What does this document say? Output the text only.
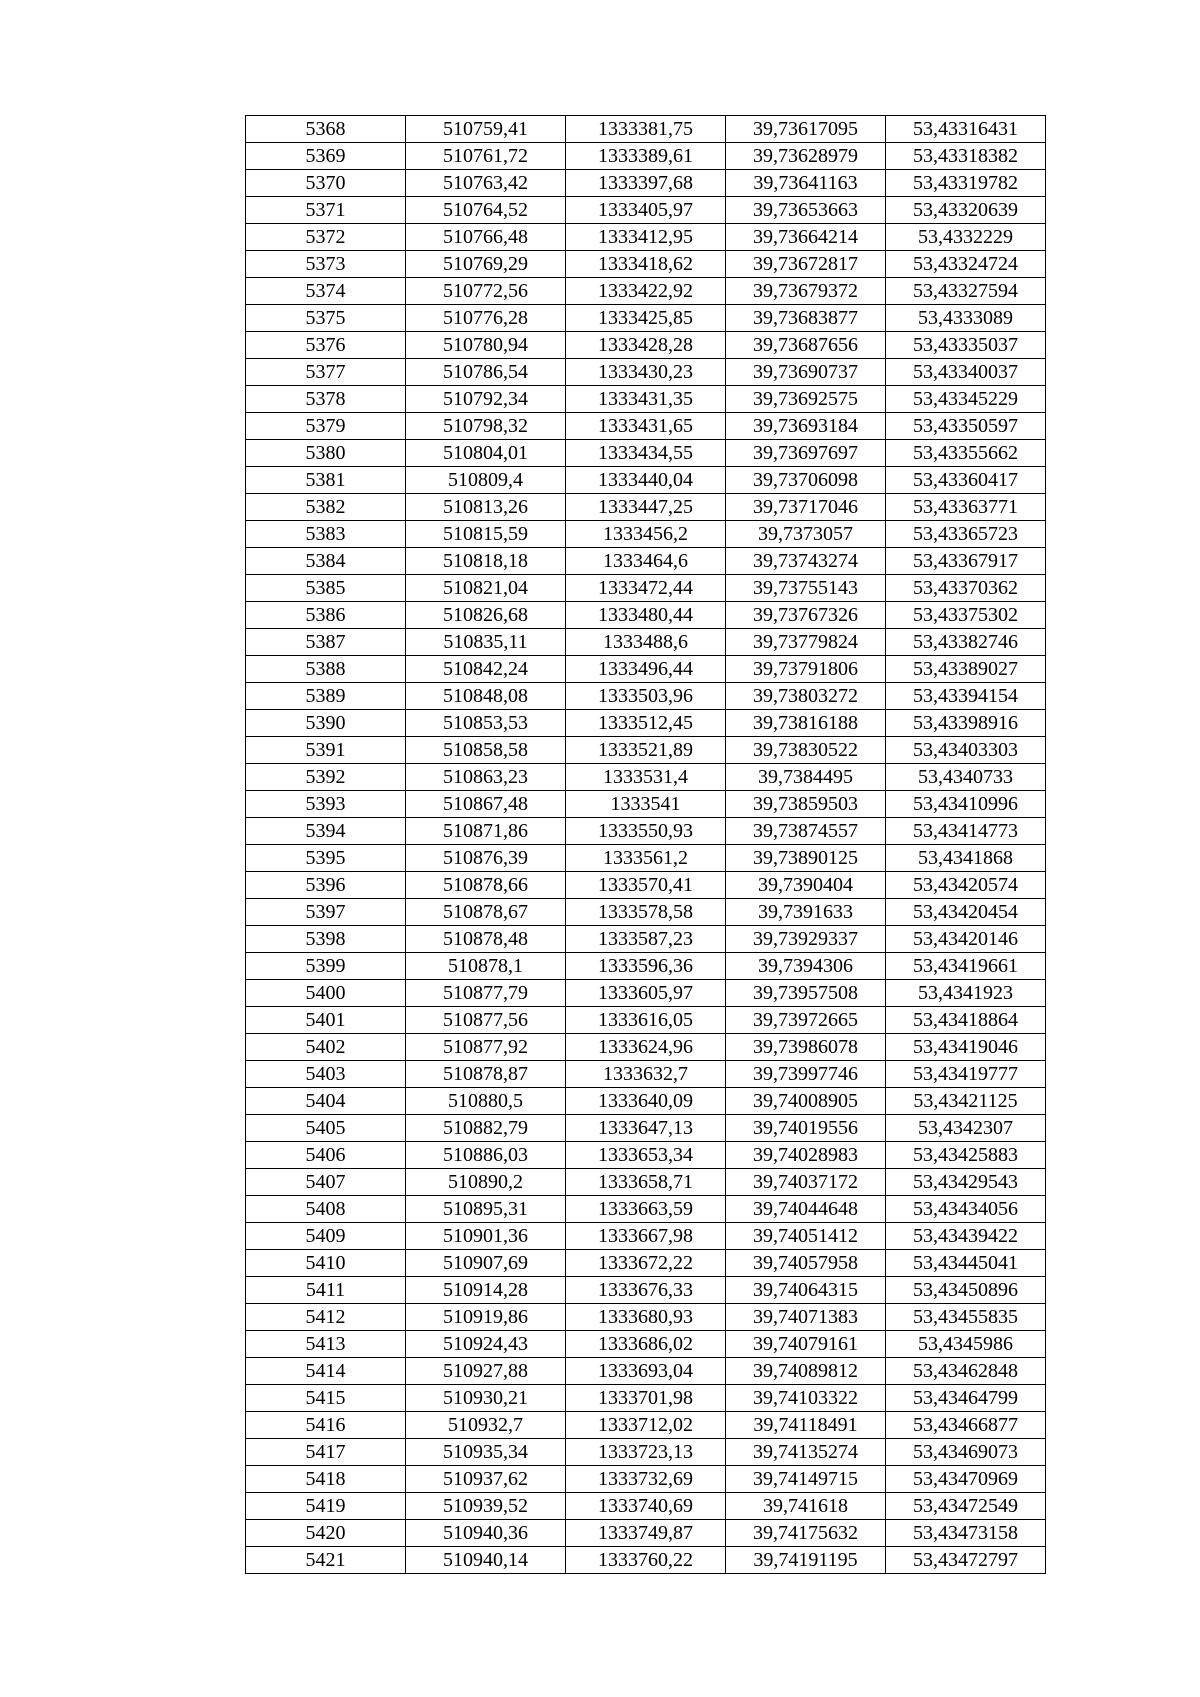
5368	510759,41	1333381,75	39,73617095	53,43316431
5369	510761,72	1333389,61	39,73628979	53,43318382
5370	510763,42	1333397,68	39,73641163	53,43319782
5371	510764,52	1333405,97	39,73653663	53,43320639
5372	510766,48	1333412,95	39,73664214	53,4332229
5373	510769,29	1333418,62	39,73672817	53,43324724
5374	510772,56	1333422,92	39,73679372	53,43327594
5375	510776,28	1333425,85	39,73683877	53,4333089
5376	510780,94	1333428,28	39,73687656	53,43335037
5377	510786,54	1333430,23	39,73690737	53,43340037
5378	510792,34	1333431,35	39,73692575	53,43345229
5379	510798,32	1333431,65	39,73693184	53,43350597
5380	510804,01	1333434,55	39,73697697	53,43355662
5381	510809,4	1333440,04	39,73706098	53,43360417
5382	510813,26	1333447,25	39,73717046	53,43363771
5383	510815,59	1333456,2	39,7373057	53,43365723
5384	510818,18	1333464,6	39,73743274	53,43367917
5385	510821,04	1333472,44	39,73755143	53,43370362
5386	510826,68	1333480,44	39,73767326	53,43375302
5387	510835,11	1333488,6	39,73779824	53,43382746
5388	510842,24	1333496,44	39,73791806	53,43389027
5389	510848,08	1333503,96	39,73803272	53,43394154
5390	510853,53	1333512,45	39,73816188	53,43398916
5391	510858,58	1333521,89	39,73830522	53,43403303
5392	510863,23	1333531,4	39,7384495	53,4340733
5393	510867,48	1333541	39,73859503	53,43410996
5394	510871,86	1333550,93	39,73874557	53,43414773
5395	510876,39	1333561,2	39,73890125	53,4341868
5396	510878,66	1333570,41	39,7390404	53,43420574
5397	510878,67	1333578,58	39,7391633	53,43420454
5398	510878,48	1333587,23	39,73929337	53,43420146
5399	510878,1	1333596,36	39,7394306	53,43419661
5400	510877,79	1333605,97	39,73957508	53,4341923
5401	510877,56	1333616,05	39,73972665	53,43418864
5402	510877,92	1333624,96	39,73986078	53,43419046
5403	510878,87	1333632,7	39,73997746	53,43419777
5404	510880,5	1333640,09	39,74008905	53,43421125
5405	510882,79	1333647,13	39,74019556	53,4342307
5406	510886,03	1333653,34	39,74028983	53,43425883
5407	510890,2	1333658,71	39,74037172	53,43429543
5408	510895,31	1333663,59	39,74044648	53,43434056
5409	510901,36	1333667,98	39,74051412	53,43439422
5410	510907,69	1333672,22	39,74057958	53,43445041
5411	510914,28	1333676,33	39,74064315	53,43450896
5412	510919,86	1333680,93	39,74071383	53,43455835
5413	510924,43	1333686,02	39,74079161	53,4345986
5414	510927,88	1333693,04	39,74089812	53,43462848
5415	510930,21	1333701,98	39,74103322	53,43464799
5416	510932,7	1333712,02	39,74118491	53,43466877
5417	510935,34	1333723,13	39,74135274	53,43469073
5418	510937,62	1333732,69	39,74149715	53,43470969
5419	510939,52	1333740,69	39,741618	53,43472549
5420	510940,36	1333749,87	39,74175632	53,43473158
5421	510940,14	1333760,22	39,74191195	53,43472797
